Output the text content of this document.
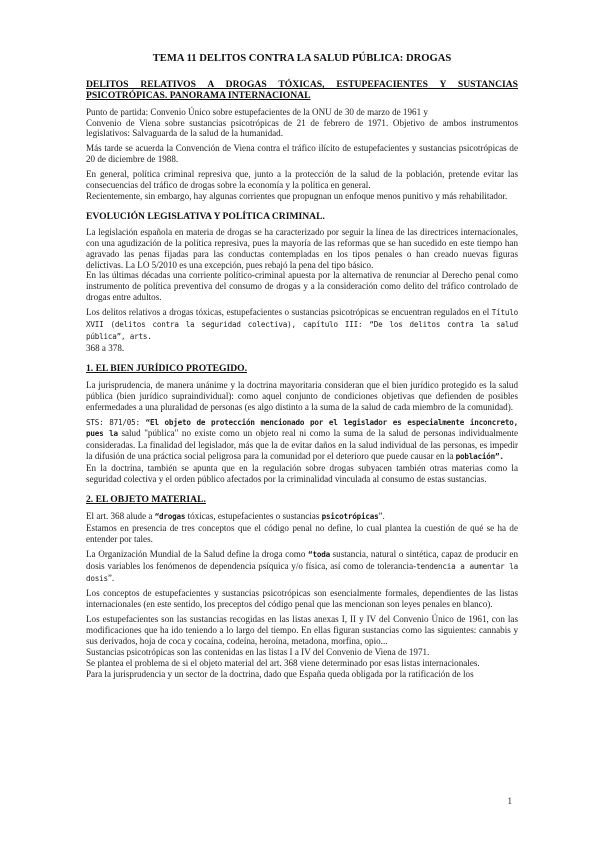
TEMA 11 DELITOS CONTRA LA SALUD PÚBLICA: DROGAS
DELITOS RELATIVOS A DROGAS TÓXICAS, ESTUPEFACIENTES Y SUSTANCIAS PSICOTRÓPICAS. PANORAMA INTERNACIONAL

Punto de partida: Convenio Único sobre estupefacientes de la ONU de 30 de marzo de 1961 y
Convenio de Viena sobre sustancias psicotrópicas de 21 de febrero de 1971. Objetivo de ambos instrumentos legislativos: Salvaguarda de la salud de la humanidad.

Más tarde se acuerda la Convención de Viena contra el tráfico ilícito de estupefacientes y sustancias psicotrópicas de 20 de diciembre de 1988.

En general, política criminal represiva que, junto a la protección de la salud de la población, pretende evitar las consecuencias del tráfico de drogas sobre la economía y la política en general.
Recientemente, sin embargo, hay algunas corrientes que propugnan un enfoque menos punitivo y más rehabilitador.

EVOLUCIÓN LEGISLATIVA Y POLÍTICA CRIMINAL.

La legislación española en materia de drogas se ha caracterizado por seguir la línea de las directrices internacionales, con una agudización de la política represiva, pues la mayoría de las reformas que se han sucedido en este tiempo han agravado las penas fijadas para las conductas contempladas en los tipos penales o han creado nuevas figuras delictivas. La LO 5/2010 es una excepción, pues rebajó la pena del tipo básico.
En las últimas décadas una corriente político-criminal apuesta por la alternativa de renunciar al Derecho penal como instrumento de política preventiva del consumo de drogas y a la consideración como delito del tráfico controlado de drogas entre adultos.

Los delitos relativos a drogas tóxicas, estupefacientes o sustancias psicotrópicas se encuentran regulados en el Título XVII (delitos contra la seguridad colectiva), capítulo III: “De los delitos contra la salud pública”, arts.
368 a 378.

1. EL BIEN JURÍDICO PROTEGIDO.

La jurisprudencia, de manera unánime y la doctrina mayoritaria consideran que el bien jurídico protegido es la salud pública (bien jurídico supraindividual): como aquel conjunto de condiciones objetivas que defienden de posibles enfermedades a una pluralidad de personas (es algo distinto a la suma de la salud de cada miembro de la comunidad).

STS: 871/05: “El objeto de protección mencionado por el legislador es especialmente inconcreto, pues la salud "pública" no existe como un objeto real ni como la suma de la salud de personas individualmente consideradas. La finalidad del legislador, más que la de evitar daños en la salud individual de las personas, es impedir la difusión de una práctica social peligrosa para la comunidad por el deterioro que puede causar en la población”.
En la doctrina, también se apunta que en la regulación sobre drogas subyacen también otras materias como la seguridad colectiva y el orden público afectados por la criminalidad vinculada al consumo de estas sustancias.

2. EL OBJETO MATERIAL.

El art. 368 alude a “drogas tóxicas, estupefacientes o sustancias psicotrópicas”.
Estamos en presencia de tres conceptos que el código penal no define, lo cual plantea la cuestión de qué se ha de entender por tales.

La Organización Mundial de la Salud define la droga como “toda sustancia, natural o sintética, capaz de producir en dosis variables los fenómenos de dependencia psíquica y/o física, así como de tolerancia-tendencia a aumentar la dosis”.

Los conceptos de estupefacientes y sustancias psicotrópicas son esencialmente formales, dependientes de las listas internacionales (en este sentido, los preceptos del código penal que las mencionan son leyes penales en blanco).

Los estupefacientes son las sustancias recogidas en las listas anexas I, II y IV del Convenio Único de 1961, con las modificaciones que ha ido teniendo a lo largo del tiempo. En ellas figuran sustancias como las siguientes: cannabis y sus derivados, hoja de coca y cocaína, codeína, heroína, metadona, morfina, opio...
Sustancias psicotrópicas son las contenidas en las listas I a IV del Convenio de Viena de 1971.
Se plantea el problema de si el objeto material del art. 368 viene determinado por esas listas internacionales.
Para la jurisprudencia y un sector de la doctrina, dado que España queda obligada por la ratificación de los

1
